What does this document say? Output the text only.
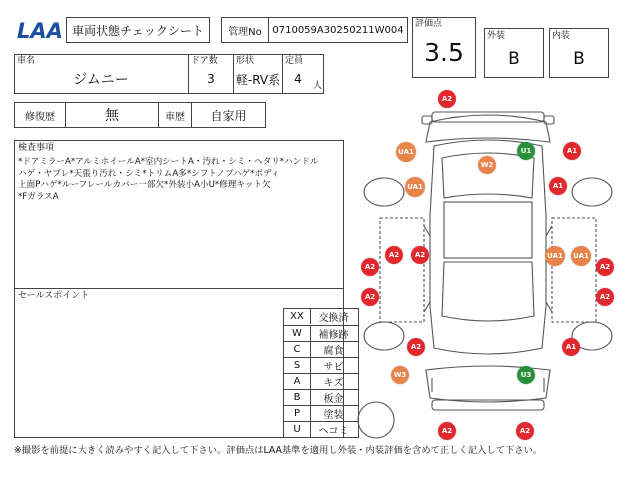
LAA 車両状態チェックシート 管理No 0710059A30250211W004
評価点
3.5
外装
B
内装
B
車名
ジムニー
ドア数
3
形状
軽-RV系
定員
4	人
修復歴	無	車歴	自家用
検査事項
*ドアミラーA*アルミホイールA*室内シートA・汚れ・シミ・ヘタリ*ハンドル
ハゲ・ヤブレ*天張り汚れ・シミ*トリムA多*シフトノブハゲ*ボディ
上面Pハゲ*ルーフレールカバー一部欠*外装小A小U*修理キット欠
*FガラスA
セールスポイント
XX	交換済
W	補修跡
C	腐食
S	サビ
A	キズ
B	板金
P	塗装
U	ヘコミ
A2
UA1
W2
U1	A1
UA1	A1
A2 A2	UA1 UA1
A2	A2
A2	A2
A2
W3	U3
A1
A2	A2
※撮影を前提に大きく読みやすく記入して下さい。評価点はLAA基準を適用し外装・内装評価を含めて正しく記入して下さい。
